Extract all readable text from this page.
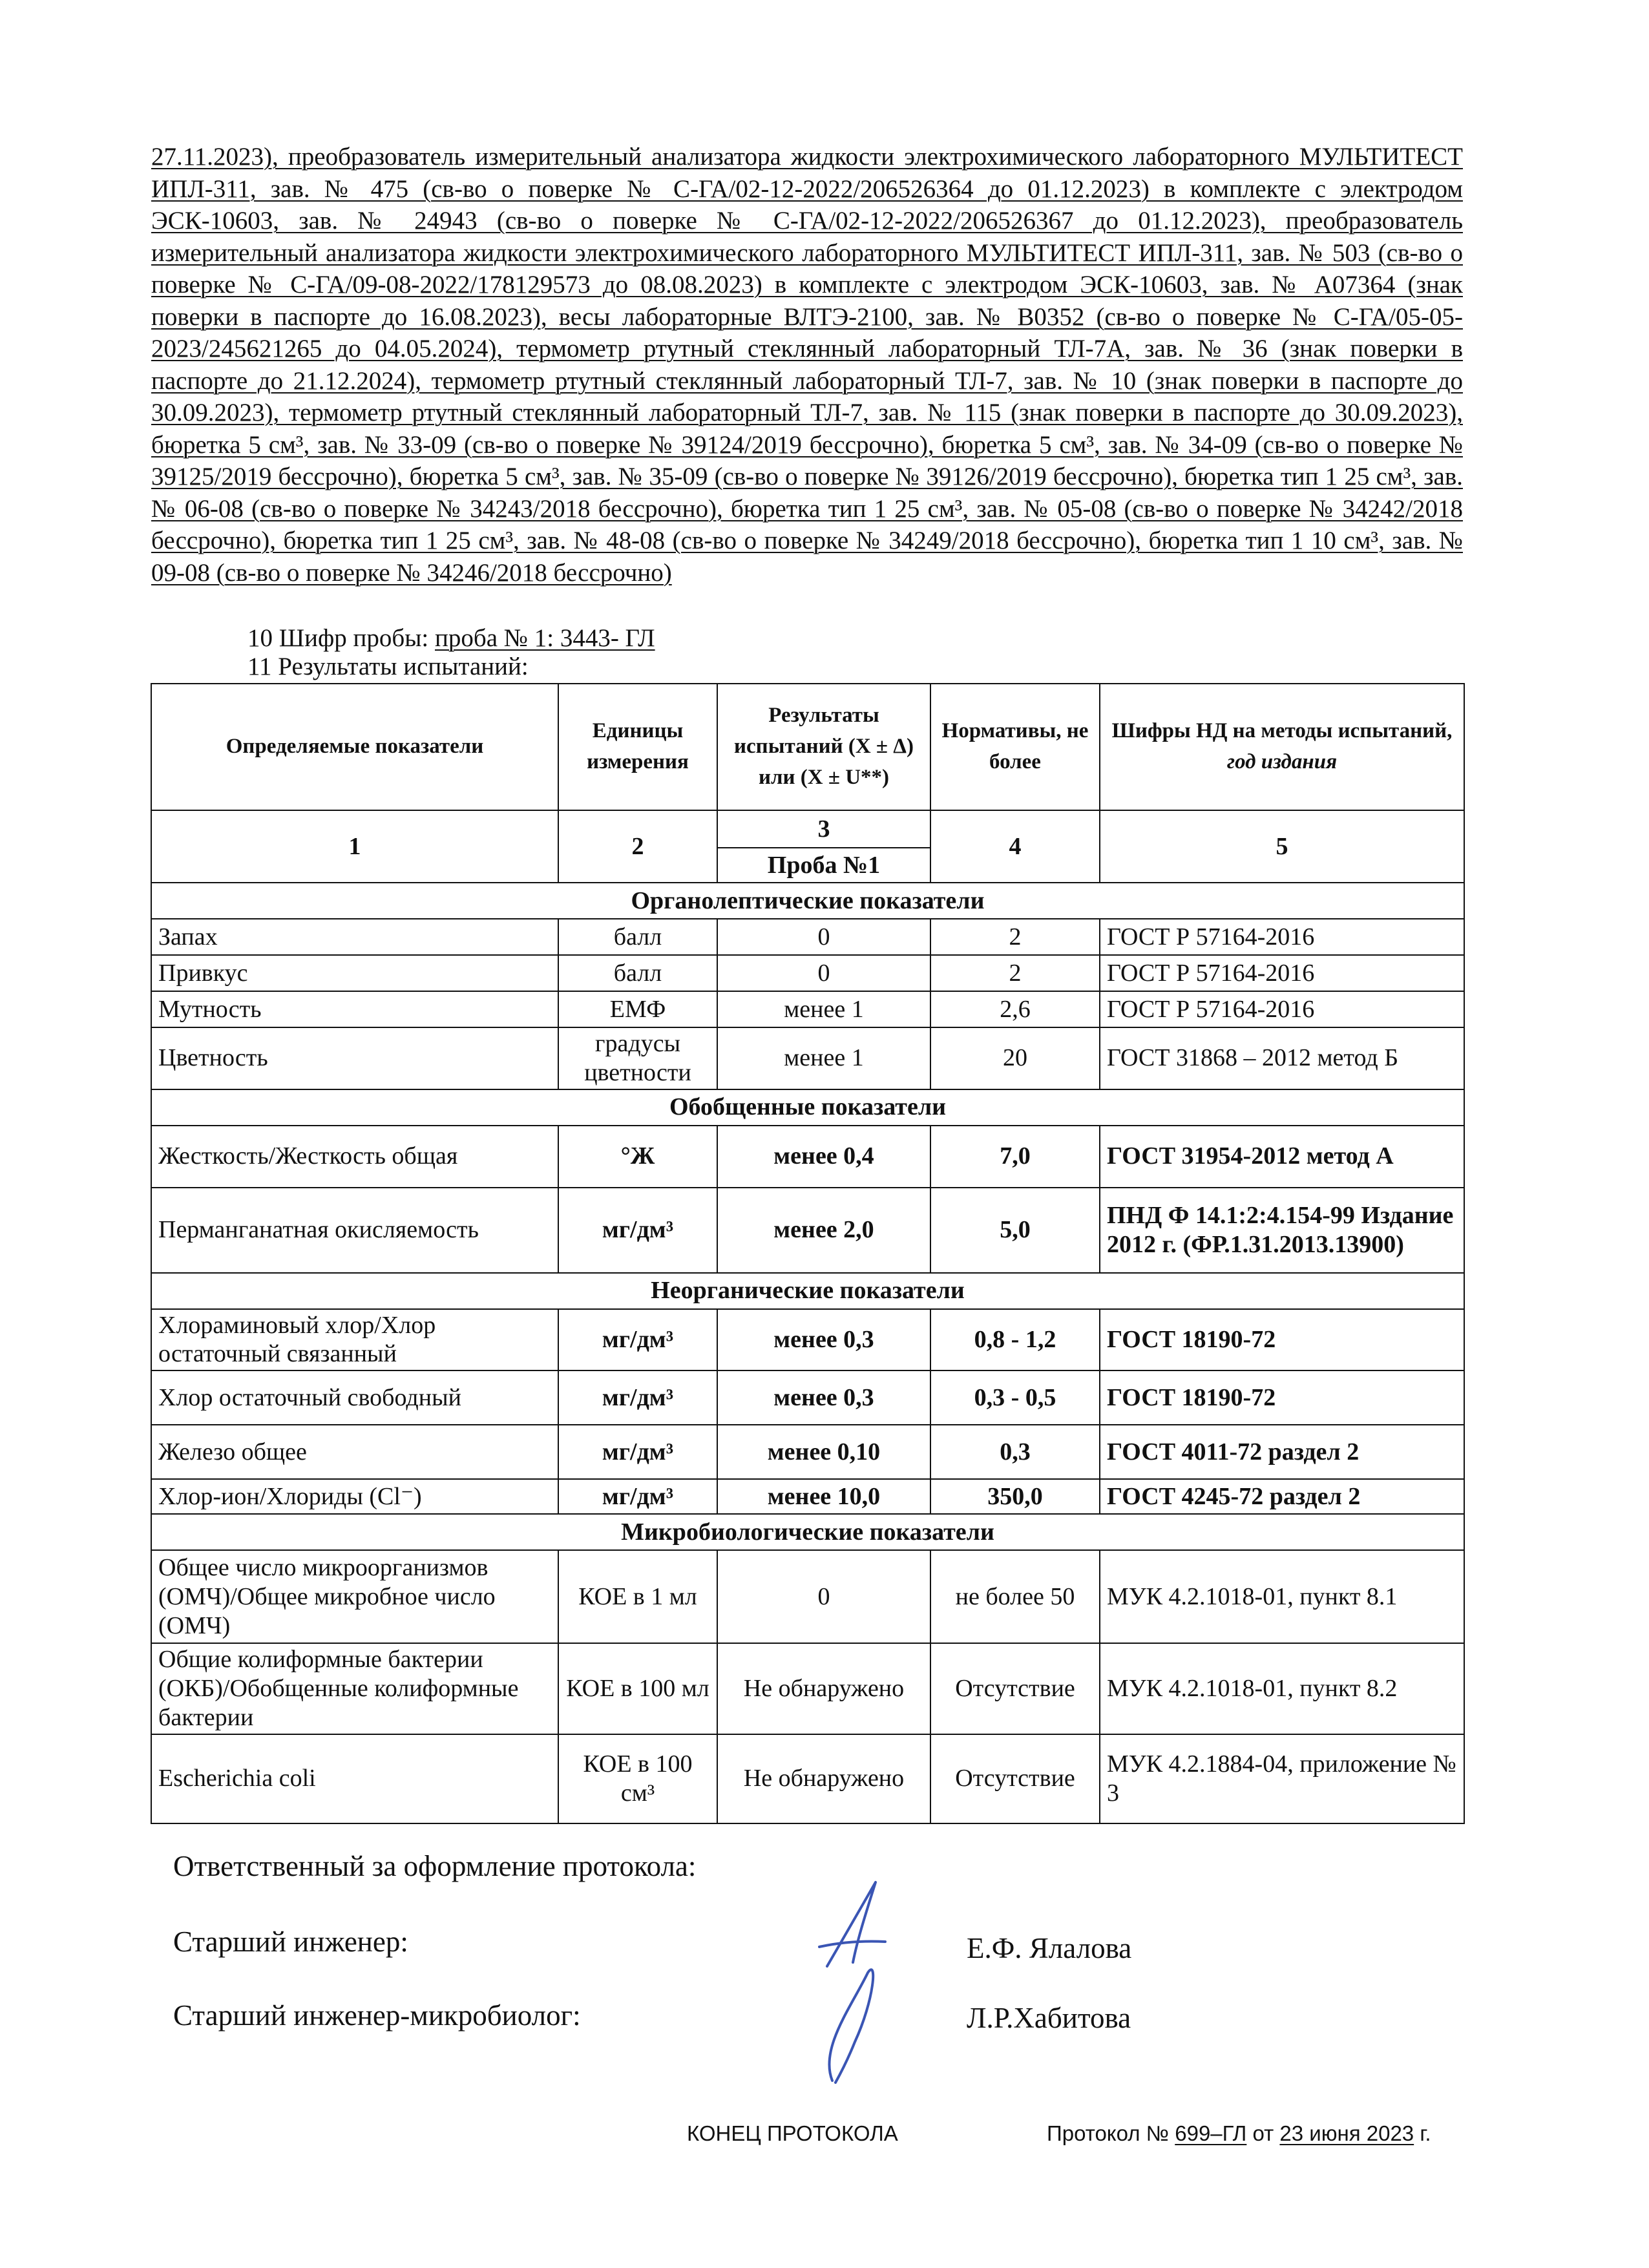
27.11.2023), преобразователь измерительный анализатора жидкости электрохимического лабораторного МУЛЬТИТЕСТ ИПЛ-311, зав. № 475 (св-во о поверке № С-ГА/02-12-2022/206526364 до 01.12.2023) в комплекте с электродом ЭСК-10603, зав. № 24943 (св-во о поверке № С-ГА/02-12-2022/206526367 до 01.12.2023), преобразователь измерительный анализатора жидкости электрохимического лабораторного МУЛЬТИТЕСТ ИПЛ-311, зав. № 503 (св-во о поверке № С-ГА/09-08-2022/178129573 до 08.08.2023) в комплекте с электродом ЭСК-10603, зав. № А07364 (знак поверки в паспорте до 16.08.2023), весы лабораторные ВЛТЭ-2100, зав. № В0352 (св-во о поверке № С-ГА/05-05-2023/245621265 до 04.05.2024), термометр ртутный стеклянный лабораторный ТЛ-7А, зав. № 36 (знак поверки в паспорте до 21.12.2024), термометр ртутный стеклянный лабораторный ТЛ-7, зав. № 10 (знак поверки в паспорте до 30.09.2023), термометр ртутный стеклянный лабораторный ТЛ-7, зав. № 115 (знак поверки в паспорте до 30.09.2023), бюретка 5 см³, зав. № 33-09 (св-во о поверке № 39124/2019 бессрочно), бюретка 5 см³, зав. № 34-09 (св-во о поверке № 39125/2019 бессрочно), бюретка 5 см³, зав. № 35-09 (св-во о поверке № 39126/2019 бессрочно), бюретка тип 1 25 см³, зав. № 06-08 (св-во о поверке № 34243/2018 бессрочно), бюретка тип 1 25 см³, зав. № 05-08 (св-во о поверке № 34242/2018 бессрочно), бюретка тип 1 25 см³, зав. № 48-08 (св-во о поверке № 34249/2018 бессрочно), бюретка тип 1 10 см³, зав. № 09-08 (св-во о поверке № 34246/2018 бессрочно)
10 Шифр пробы: проба № 1: 3443- ГЛ
11 Результаты испытаний:
Определяемые показатели	Единицы измерения	Результаты испытаний (Х ± Δ) или (Х ± U**)	Нормативы, не более	Шифры НД на методы испытаний,
год издания
1	2	3	4	5
		Проба №1		
Органолептические показатели				
Запах	балл	0	2	ГОСТ Р 57164-2016
Привкус	балл	0	2	ГОСТ Р 57164-2016
Мутность	ЕМФ	менее 1	2,6	ГОСТ Р 57164-2016
Цветность	градусы цветности	менее 1	20	ГОСТ 31868 – 2012 метод Б
Обобщенные показатели				
Жесткость/Жесткость общая	°Ж	менее 0,4	7,0	ГОСТ 31954-2012 метод А
Перманганатная окисляемость	мг/дм³	менее 2,0	5,0	ПНД Ф 14.1:2:4.154-99 Издание 2012 г. (ФР.1.31.2013.13900)
Неорганические показатели				
Хлораминовый хлор/Хлор остаточный связанный	мг/дм³	менее 0,3	0,8 - 1,2	ГОСТ 18190-72
Хлор остаточный свободный	мг/дм³	менее 0,3	0,3 - 0,5	ГОСТ 18190-72
Железо общее	мг/дм³	менее 0,10	0,3	ГОСТ 4011-72 раздел 2
Хлор-ион/Хлориды (Cl⁻)	мг/дм³	менее 10,0	350,0	ГОСТ 4245-72 раздел 2
Микробиологические показатели				
Общее число микроорганизмов (ОМЧ)/Общее микробное число (ОМЧ)	КОЕ в 1 мл	0	не более 50	МУК 4.2.1018-01, пункт 8.1
Общие колиформные бактерии (ОКБ)/Обобщенные колиформные бактерии	КОЕ в 100 мл	Не обнаружено	Отсутствие	МУК 4.2.1018-01, пункт 8.2
Escherichia coli	КОЕ в 100 см³	Не обнаружено	Отсутствие	МУК 4.2.1884-04, приложение № 3
Ответственный за оформление протокола:
Старший инженер:	Е.Ф. Ялалова
Старший инженер-микробиолог:	Л.Р.Хабитова
КОНЕЦ ПРОТОКОЛА	Протокол № 699–ГЛ от 23 июня 2023 г.
